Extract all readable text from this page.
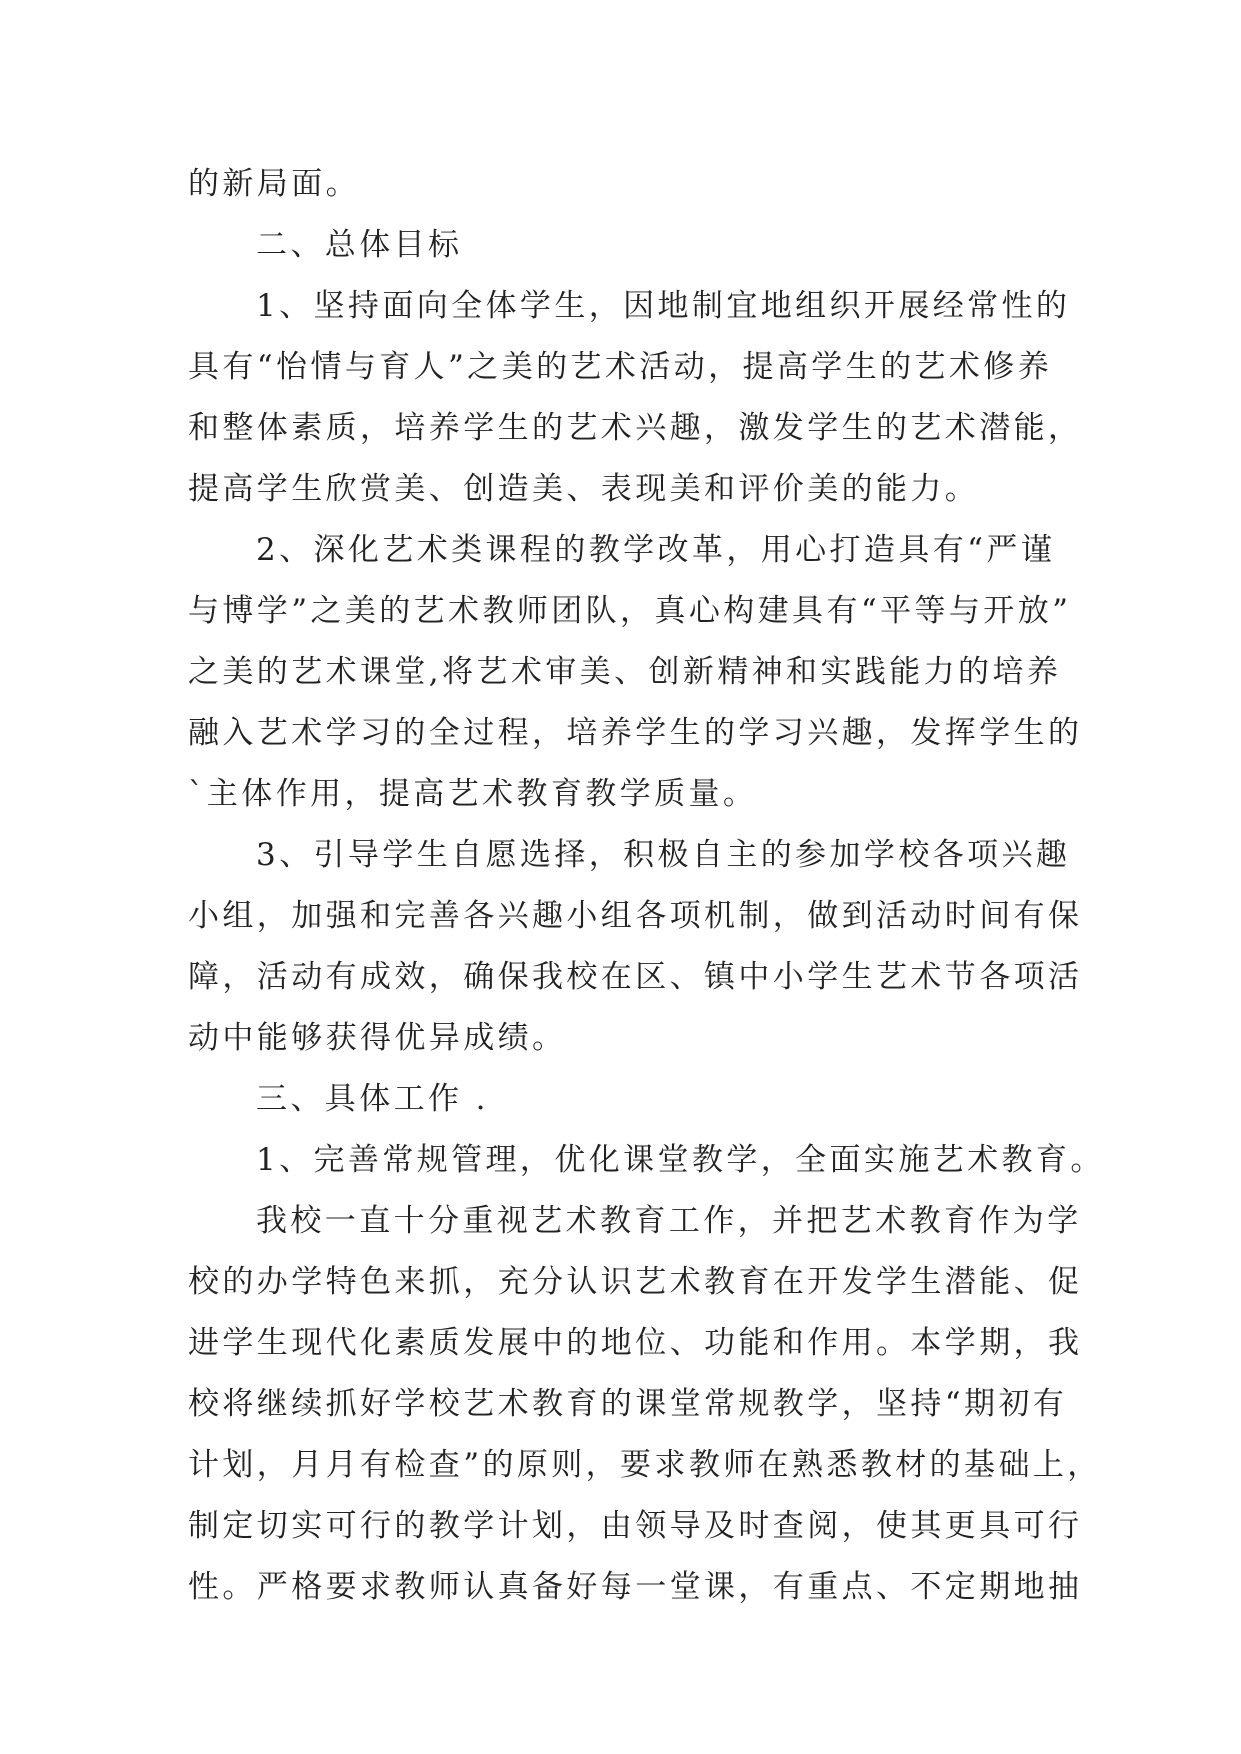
的新局面。
二、总体目标
1、坚持面向全体学生，因地制宜地组织开展经常性的
具有“怡情与育人”之美的艺术活动，提高学生的艺术修养
和整体素质，培养学生的艺术兴趣，激发学生的艺术潜能，
提高学生欣赏美、创造美、表现美和评价美的能力。
2、深化艺术类课程的教学改革，用心打造具有“严谨
与博学”之美的艺术教师团队，真心构建具有“平等与开放”
之美的艺术课堂,将艺术审美、创新精神和实践能力的培养
融入艺术学习的全过程，培养学生的学习兴趣，发挥学生的
`主体作用，提高艺术教育教学质量。
3、引导学生自愿选择，积极自主的参加学校各项兴趣
小组，加强和完善各兴趣小组各项机制，做到活动时间有保
障，活动有成效，确保我校在区、镇中小学生艺术节各项活
动中能够获得优异成绩。
三、具体工作 .
1、完善常规管理，优化课堂教学，全面实施艺术教育。
我校一直十分重视艺术教育工作，并把艺术教育作为学
校的办学特色来抓，充分认识艺术教育在开发学生潜能、促
进学生现代化素质发展中的地位、功能和作用。本学期，我
校将继续抓好学校艺术教育的课堂常规教学，坚持“期初有
计划，月月有检查”的原则，要求教师在熟悉教材的基础上，
制定切实可行的教学计划，由领导及时查阅，使其更具可行
性。严格要求教师认真备好每一堂课，有重点、不定期地抽
